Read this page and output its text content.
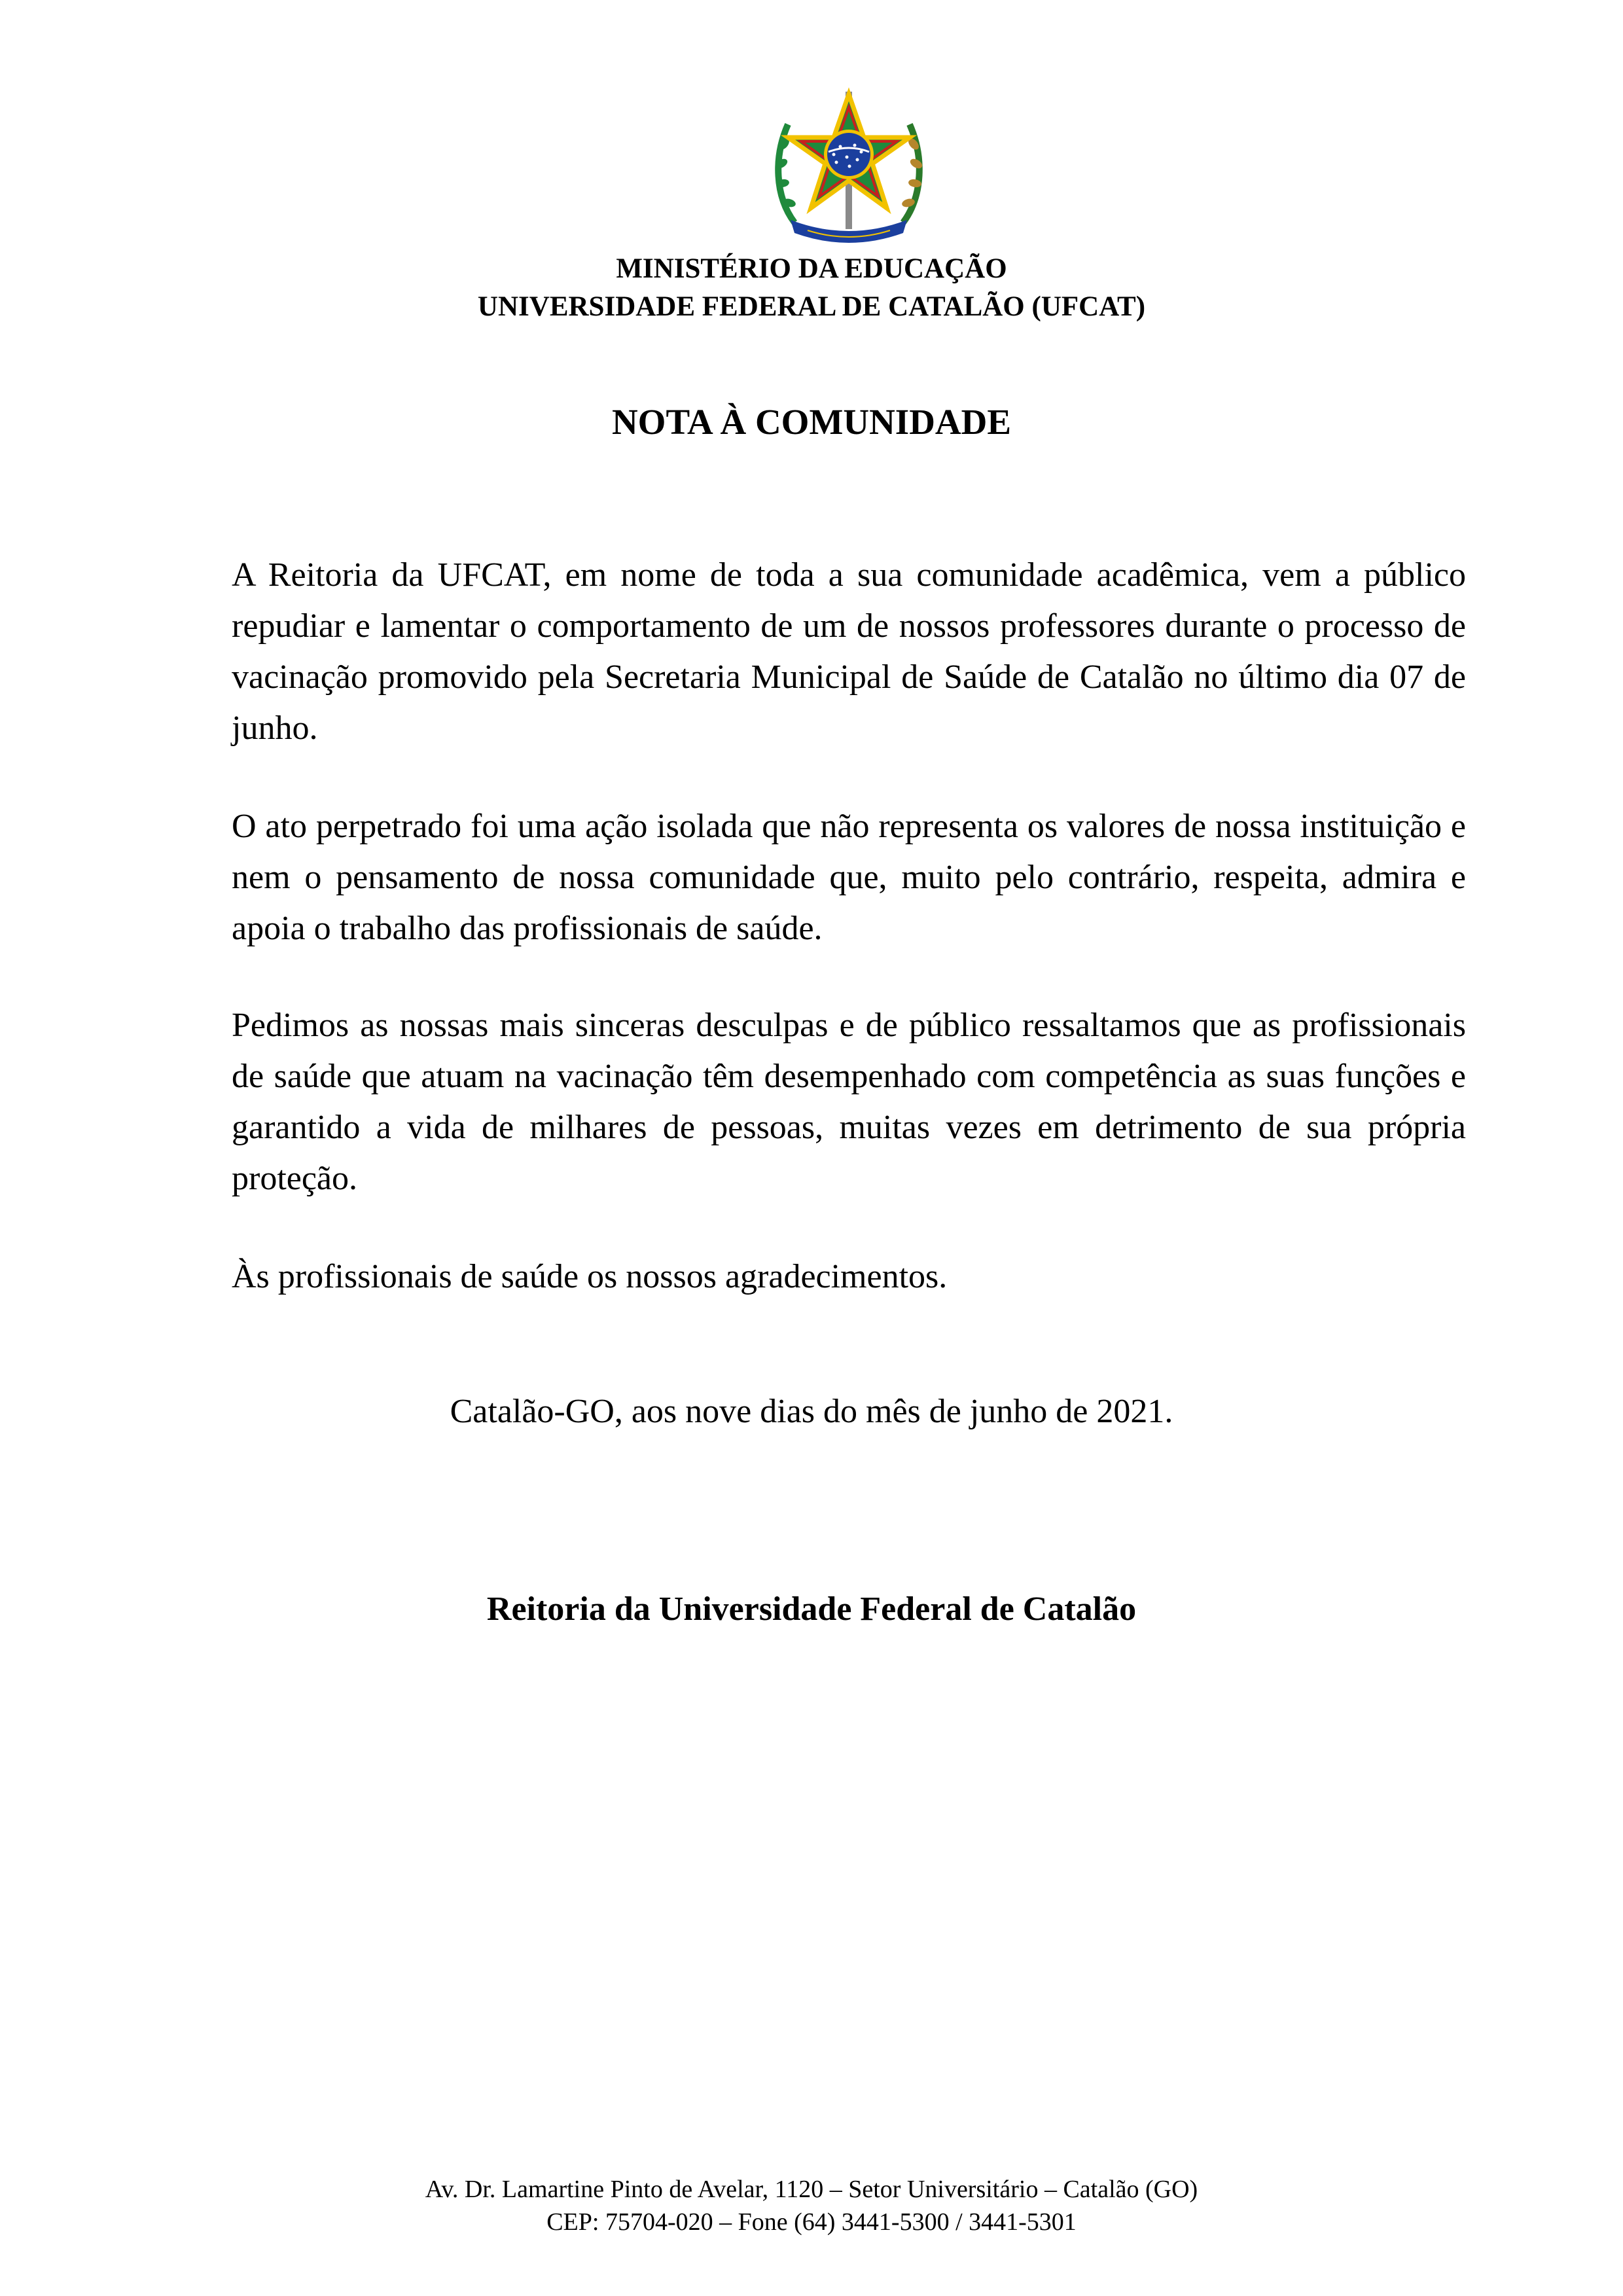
MINISTÉRIO DA EDUCAÇÃO
UNIVERSIDADE FEDERAL DE CATALÃO (UFCAT)
NOTA À COMUNIDADE

A Reitoria da UFCAT, em nome de toda a sua comunidade acadêmica, vem a público repudiar e lamentar o comportamento de um de nossos professores durante o processo de vacinação promovido pela Secretaria Municipal de Saúde de Catalão no último dia 07 de junho.

O ato perpetrado foi uma ação isolada que não representa os valores de nossa instituição e nem o pensamento de nossa comunidade que, muito pelo contrário, respeita, admira e apoia o trabalho das profissionais de saúde.

Pedimos as nossas mais sinceras desculpas e de público ressaltamos que as profissionais de saúde que atuam na vacinação têm desempenhado com competência as suas funções e garantido a vida de milhares de pessoas, muitas vezes em detrimento de sua própria proteção.

Às profissionais de saúde os nossos agradecimentos.

Catalão-GO, aos nove dias do mês de junho de 2021.
Reitoria da Universidade Federal de Catalão
Av. Dr. Lamartine Pinto de Avelar, 1120 – Setor Universitário – Catalão (GO)
CEP: 75704-020 – Fone (64) 3441-5300 / 3441-5301
